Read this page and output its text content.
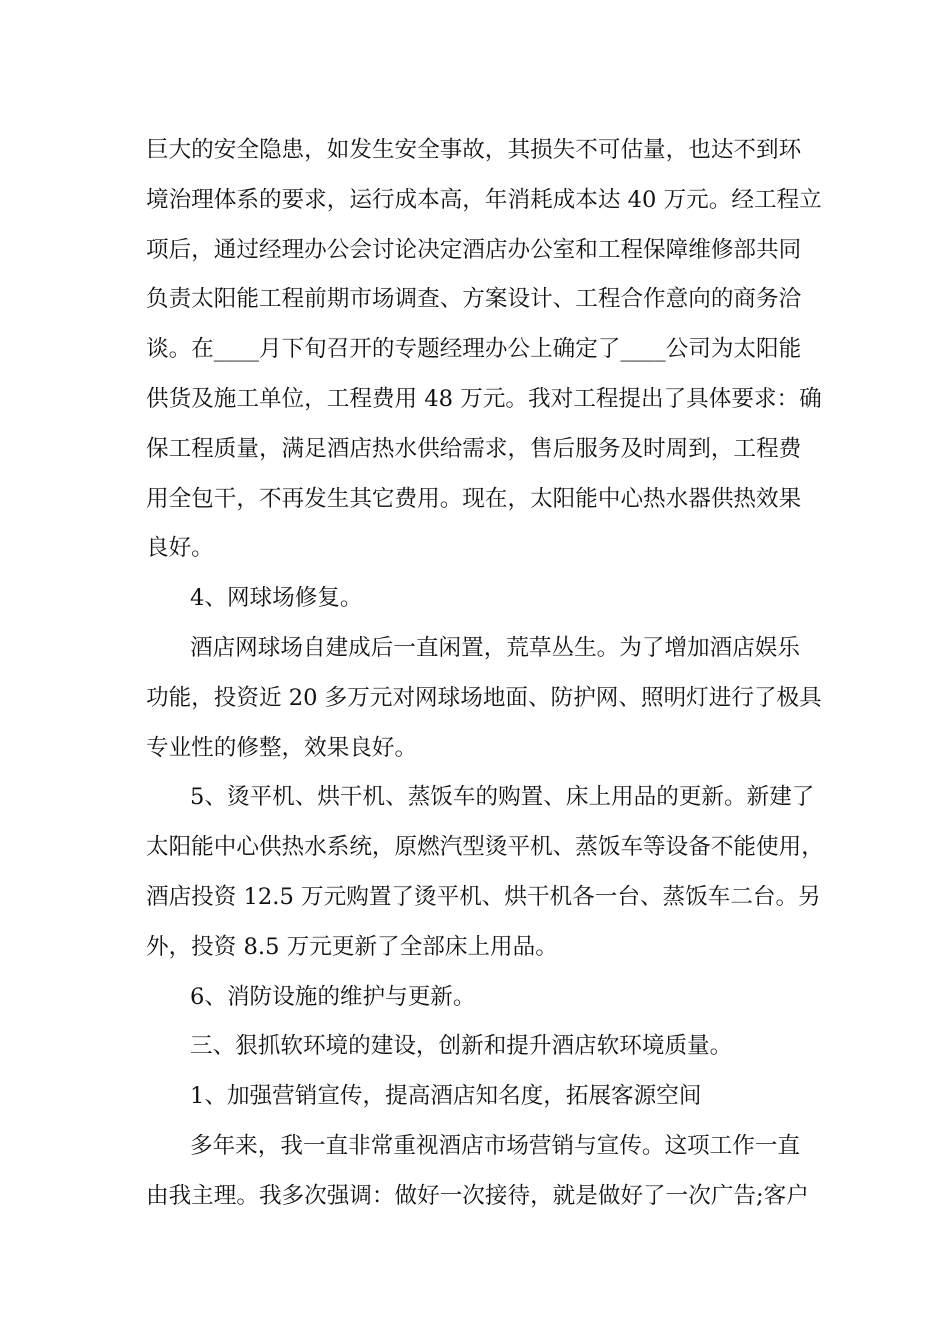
巨大的安全隐患，如发生安全事故，其损失不可估量，也达不到环
境治理体系的要求，运行成本高，年消耗成本达 40 万元。经工程立
项后，通过经理办公会讨论决定酒店办公室和工程保障维修部共同
负责太阳能工程前期市场调查、方案设计、工程合作意向的商务洽
谈。在____月下旬召开的专题经理办公上确定了____公司为太阳能
供货及施工单位，工程费用 48 万元。我对工程提出了具体要求：确
保工程质量，满足酒店热水供给需求，售后服务及时周到，工程费
用全包干，不再发生其它费用。现在，太阳能中心热水器供热效果
良好。
4、网球场修复。
酒店网球场自建成后一直闲置，荒草丛生。为了增加酒店娱乐
功能，投资近 20 多万元对网球场地面、防护网、照明灯进行了极具
专业性的修整，效果良好。
5、烫平机、烘干机、蒸饭车的购置、床上用品的更新。新建了
太阳能中心供热水系统，原燃汽型烫平机、蒸饭车等设备不能使用，
酒店投资 12.5 万元购置了烫平机、烘干机各一台、蒸饭车二台。另
外，投资 8.5 万元更新了全部床上用品。
6、消防设施的维护与更新。
三、狠抓软环境的建设，创新和提升酒店软环境质量。
1、加强营销宣传，提高酒店知名度，拓展客源空间
多年来，我一直非常重视酒店市场营销与宣传。这项工作一直
由我主理。我多次强调：做好一次接待，就是做好了一次广告;客户
